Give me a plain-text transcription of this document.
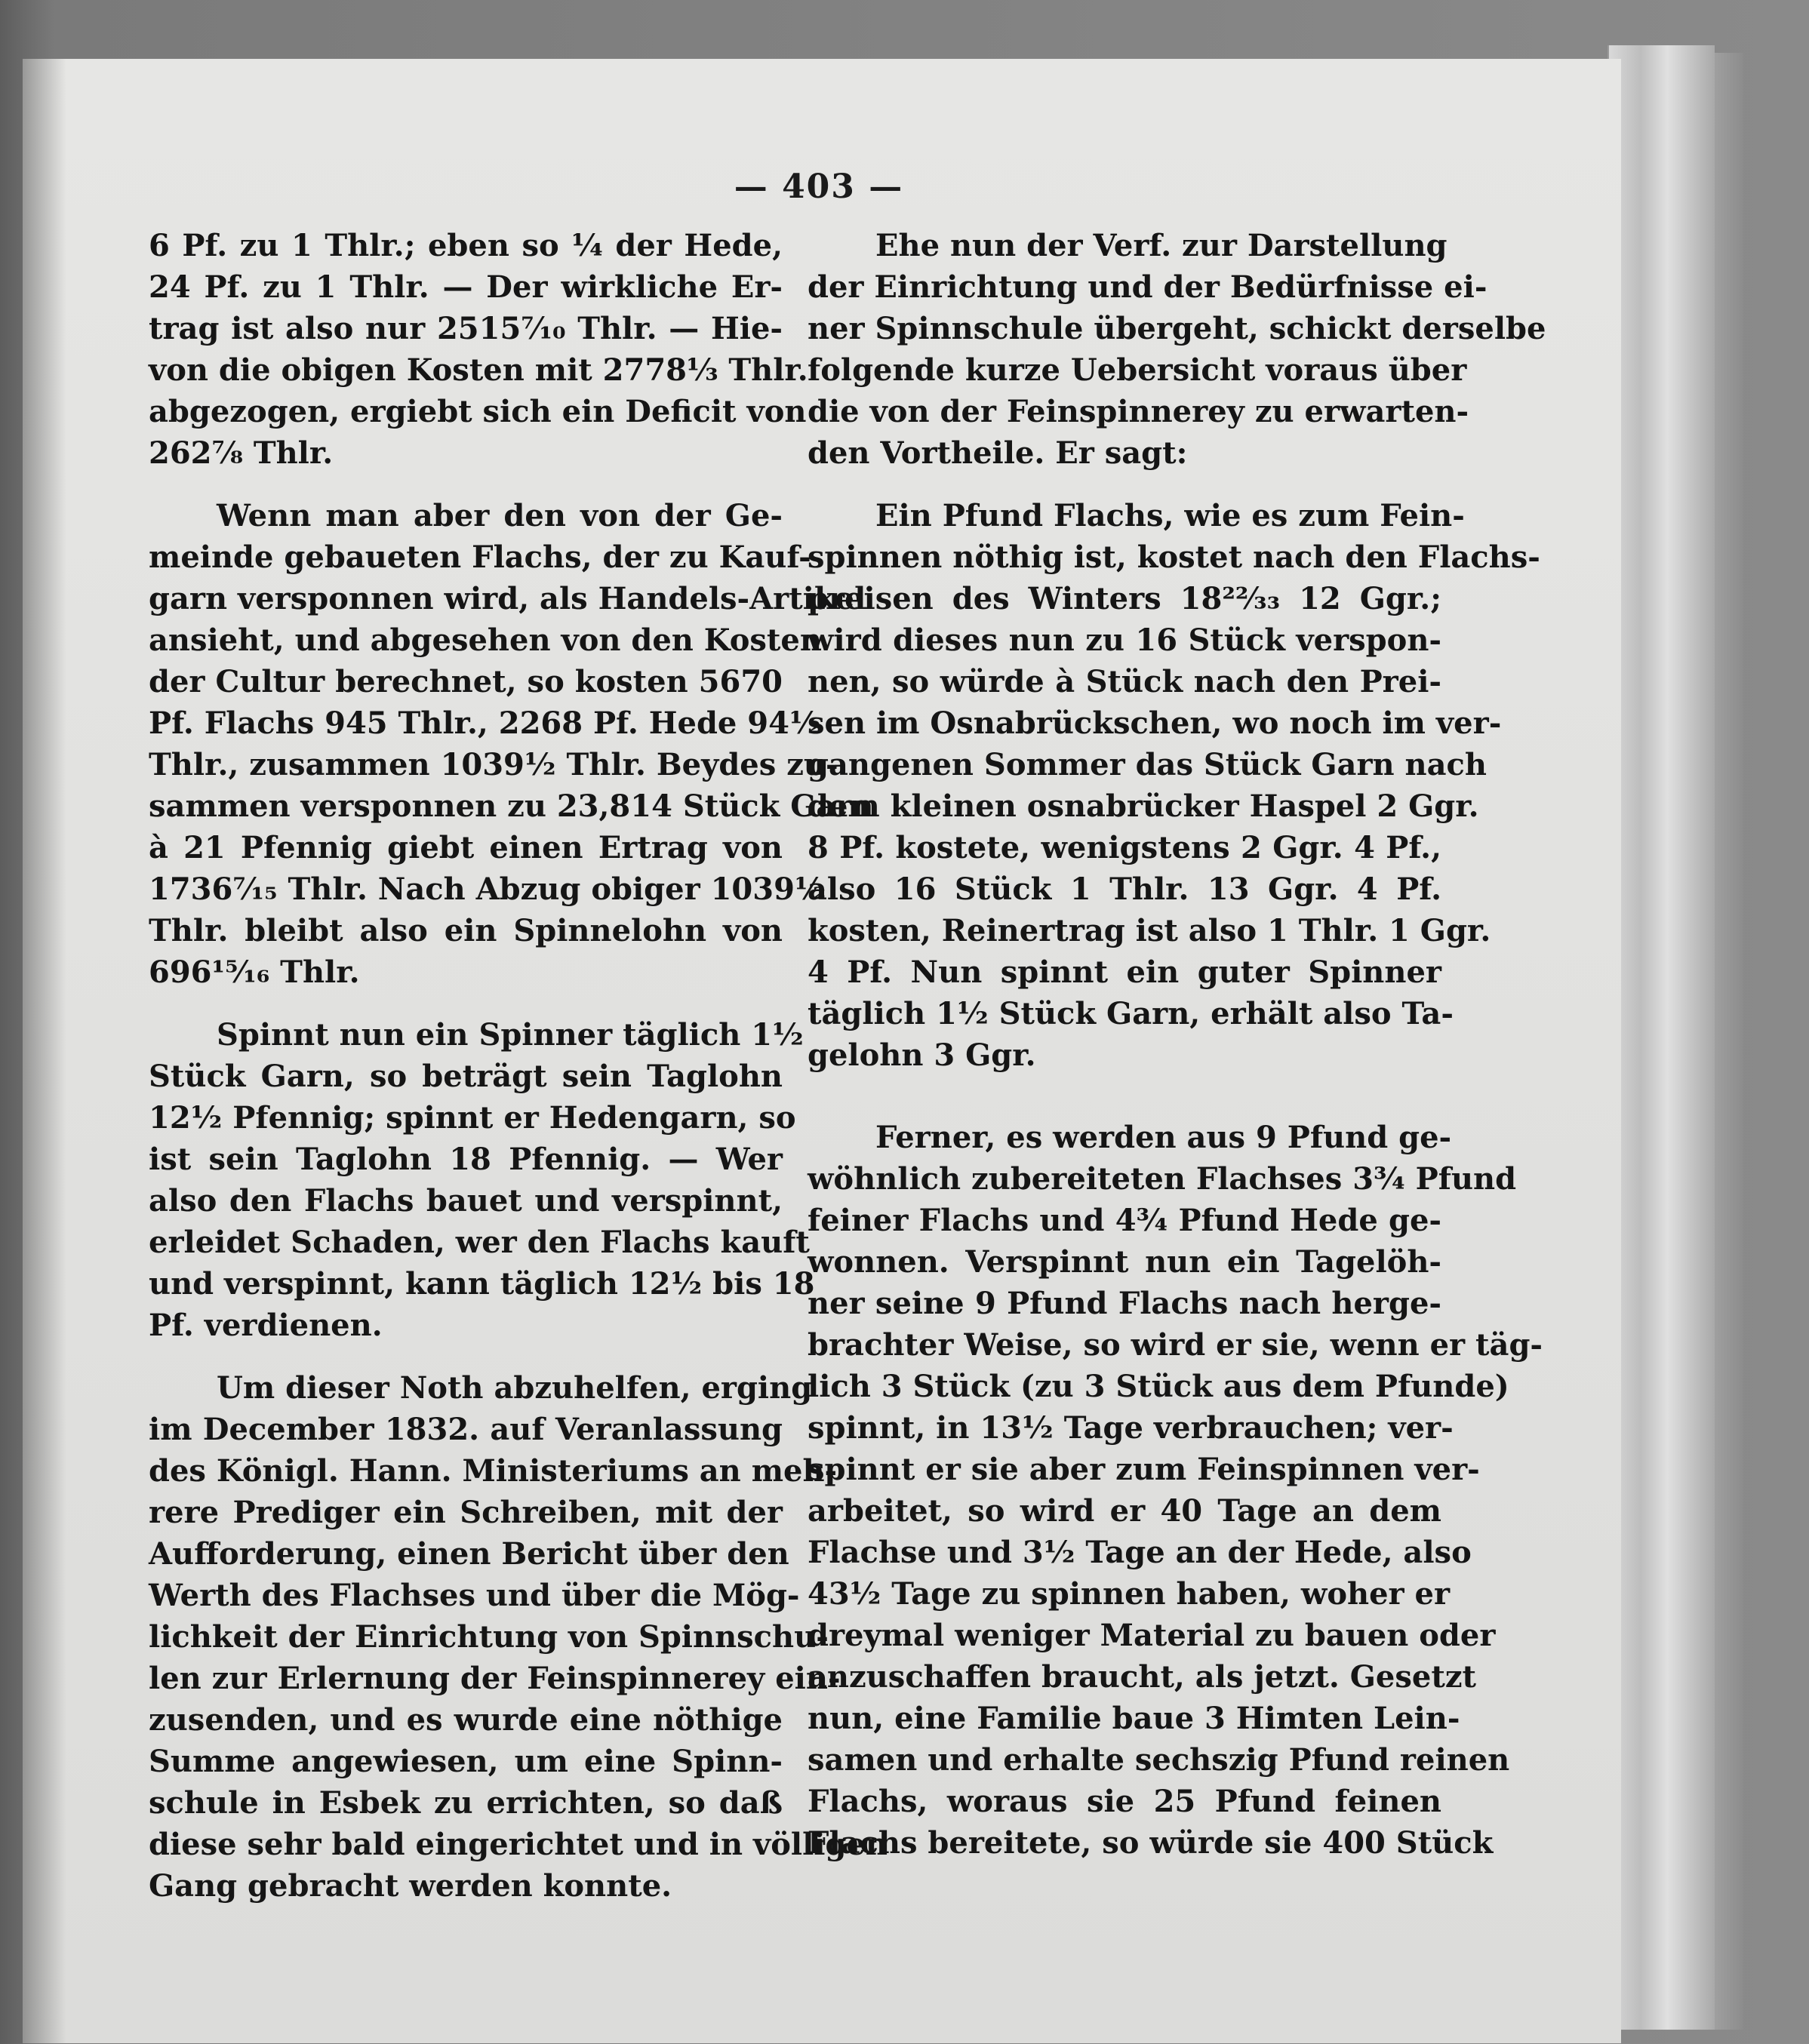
— 403 —
6 Pf. zu 1 Thlr.; eben so ¼ der Hede,
24 Pf. zu 1 Thlr. — Der wirkliche Er-
trag ist also nur 2515⁷⁄₁₀ Thlr. — Hie-
von die obigen Kosten mit 2778⅓ Thlr.
abgezogen, ergiebt sich ein Deficit von
262⅞ Thlr.
Wenn man aber den von der Ge-
meinde gebaueten Flachs, der zu Kauf-
garn versponnen wird, als Handels-Artikel
ansieht, und abgesehen von den Kosten
der Cultur berechnet, so kosten 5670
Pf. Flachs 945 Thlr., 2268 Pf. Hede 94½
Thlr., zusammen 1039½ Thlr. Beydes zu-
sammen versponnen zu 23,814 Stück Garn
à 21 Pfennig giebt einen Ertrag von
1736⁷⁄₁₅ Thlr. Nach Abzug obiger 1039½
Thlr. bleibt also ein Spinnelohn von
696¹⁵⁄₁₆ Thlr.
Spinnt nun ein Spinner täglich 1½
Stück Garn, so beträgt sein Taglohn
12½ Pfennig; spinnt er Hedengarn, so
ist sein Taglohn 18 Pfennig. — Wer
also den Flachs bauet und verspinnt,
erleidet Schaden, wer den Flachs kauft
und verspinnt, kann täglich 12½ bis 18
Pf. verdienen.
Um dieser Noth abzuhelfen, erging
im December 1832. auf Veranlassung
des Königl. Hann. Ministeriums an meh-
rere Prediger ein Schreiben, mit der
Aufforderung, einen Bericht über den
Werth des Flachses und über die Mög-
lichkeit der Einrichtung von Spinnschu-
len zur Erlernung der Feinspinnerey ein-
zusenden, und es wurde eine nöthige
Summe angewiesen, um eine Spinn-
schule in Esbek zu errichten, so daß
diese sehr bald eingerichtet und in völligen
Gang gebracht werden konnte.
Ehe nun der Verf. zur Darstellung
der Einrichtung und der Bedürfnisse ei-
ner Spinnschule übergeht, schickt derselbe
folgende kurze Uebersicht voraus über
die von der Feinspinnerey zu erwarten-
den Vortheile. Er sagt:
Ein Pfund Flachs, wie es zum Fein-
spinnen nöthig ist, kostet nach den Flachs-
preisen des Winters 18²²⁄₃₃ 12 Ggr.;
wird dieses nun zu 16 Stück verspon-
nen, so würde à Stück nach den Prei-
sen im Osnabrückschen, wo noch im ver-
gangenen Sommer das Stück Garn nach
dem kleinen osnabrücker Haspel 2 Ggr.
8 Pf. kostete, wenigstens 2 Ggr. 4 Pf.,
also 16 Stück 1 Thlr. 13 Ggr. 4 Pf.
kosten, Reinertrag ist also 1 Thlr. 1 Ggr.
4 Pf. Nun spinnt ein guter Spinner
täglich 1½ Stück Garn, erhält also Ta-
gelohn 3 Ggr.
Ferner, es werden aus 9 Pfund ge-
wöhnlich zubereiteten Flachses 3¾ Pfund
feiner Flachs und 4¾ Pfund Hede ge-
wonnen. Verspinnt nun ein Tagelöh-
ner seine 9 Pfund Flachs nach herge-
brachter Weise, so wird er sie, wenn er täg-
lich 3 Stück (zu 3 Stück aus dem Pfunde)
spinnt, in 13½ Tage verbrauchen; ver-
spinnt er sie aber zum Feinspinnen ver-
arbeitet, so wird er 40 Tage an dem
Flachse und 3½ Tage an der Hede, also
43½ Tage zu spinnen haben, woher er
dreymal weniger Material zu bauen oder
anzuschaffen braucht, als jetzt. Gesetzt
nun, eine Familie baue 3 Himten Lein-
samen und erhalte sechszig Pfund reinen
Flachs, woraus sie 25 Pfund feinen
Flachs bereitete, so würde sie 400 Stück
